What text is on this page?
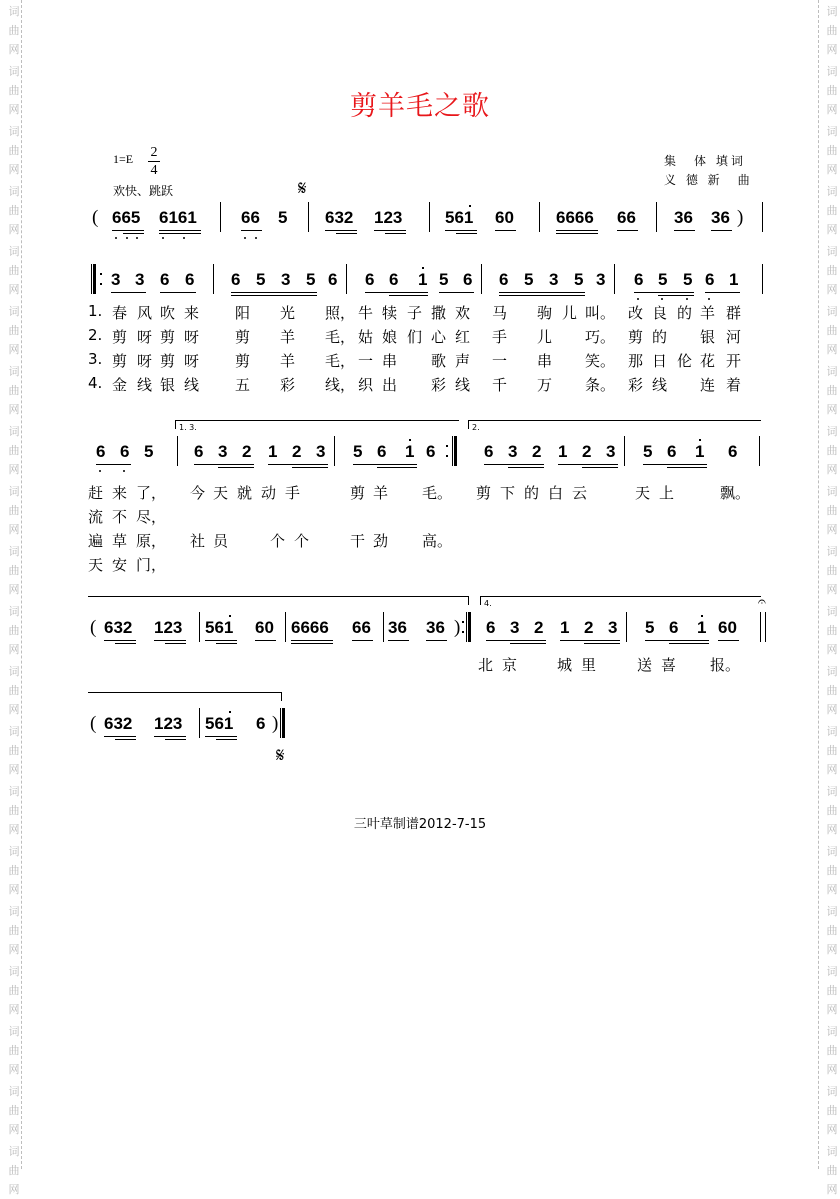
词
曲
网
词
曲
网
词
曲
网
词
曲
网
词
曲
网
词
曲
网
词
曲
网
词
曲
网
词
曲
网
词
曲
网
词
曲
网
词
曲
网
词
曲
网
词
曲
网
词
曲
网
词
曲
网
词
曲
网
词
曲
网
词
曲
网
词
曲
网
词
曲
网
词
曲
网
词
曲
网
词
曲
网
词
曲
网
词
曲
网
词
曲
网
词
曲
网
词
曲
网
词
曲
网
词
曲
网
词
曲
网
词
曲
网
词
曲
网
词
曲
网
词
曲
网
词
曲
网
词
曲
网
词
曲
网
词
曲
网
剪羊毛之歌
1=E 2
4
欢快、跳跃
集　体 填词
义 德 新　曲
𝄋
( 665 6161	66 5 632 123	561 60 6666 66 36 36 )
3 3 6 6 6 5 3 5 6 6 6 1 5 6 6 5 3 5 3 6 5 5 6 1
1. 春 风 吹 来 阳 光 照， 牛 犊 子 撒 欢 马 驹 儿 叫。 改 良 的 羊 群
2. 剪 呀 剪 呀 剪 羊 毛， 姑 娘 们 心 红 手 儿 巧。 剪 的 银 河
3. 剪 呀 剪 呀 剪 羊 毛， 一 串 歌 声 一 串 笑。 那 日 伦 花 开
4. 金 线 银 线 五 彩 线， 织 出 彩 线 千 万 条。 彩 线 连 着
1. 3.	2.
6 6 5 6 3 2 1 2 3 5 6 1 6	6 3 2 1 2 3 5 6 1 6
赶 来 了， 今 天 就 动 手	剪 羊 毛。 剪 下 的 白 云	天 上	飘。
流 不 尽，
遍 草 原， 社 员	个 个	干 劲 高。
天 安 门，
4.
( 632 123 561 60 6666 66 36 36 ) 6 3 2 1 2 3 5 6 1 60
𝄐
北 京	城 里	送 喜 报。
( 632 123 561 6 )
𝄋
三叶草制谱2012-7-15
